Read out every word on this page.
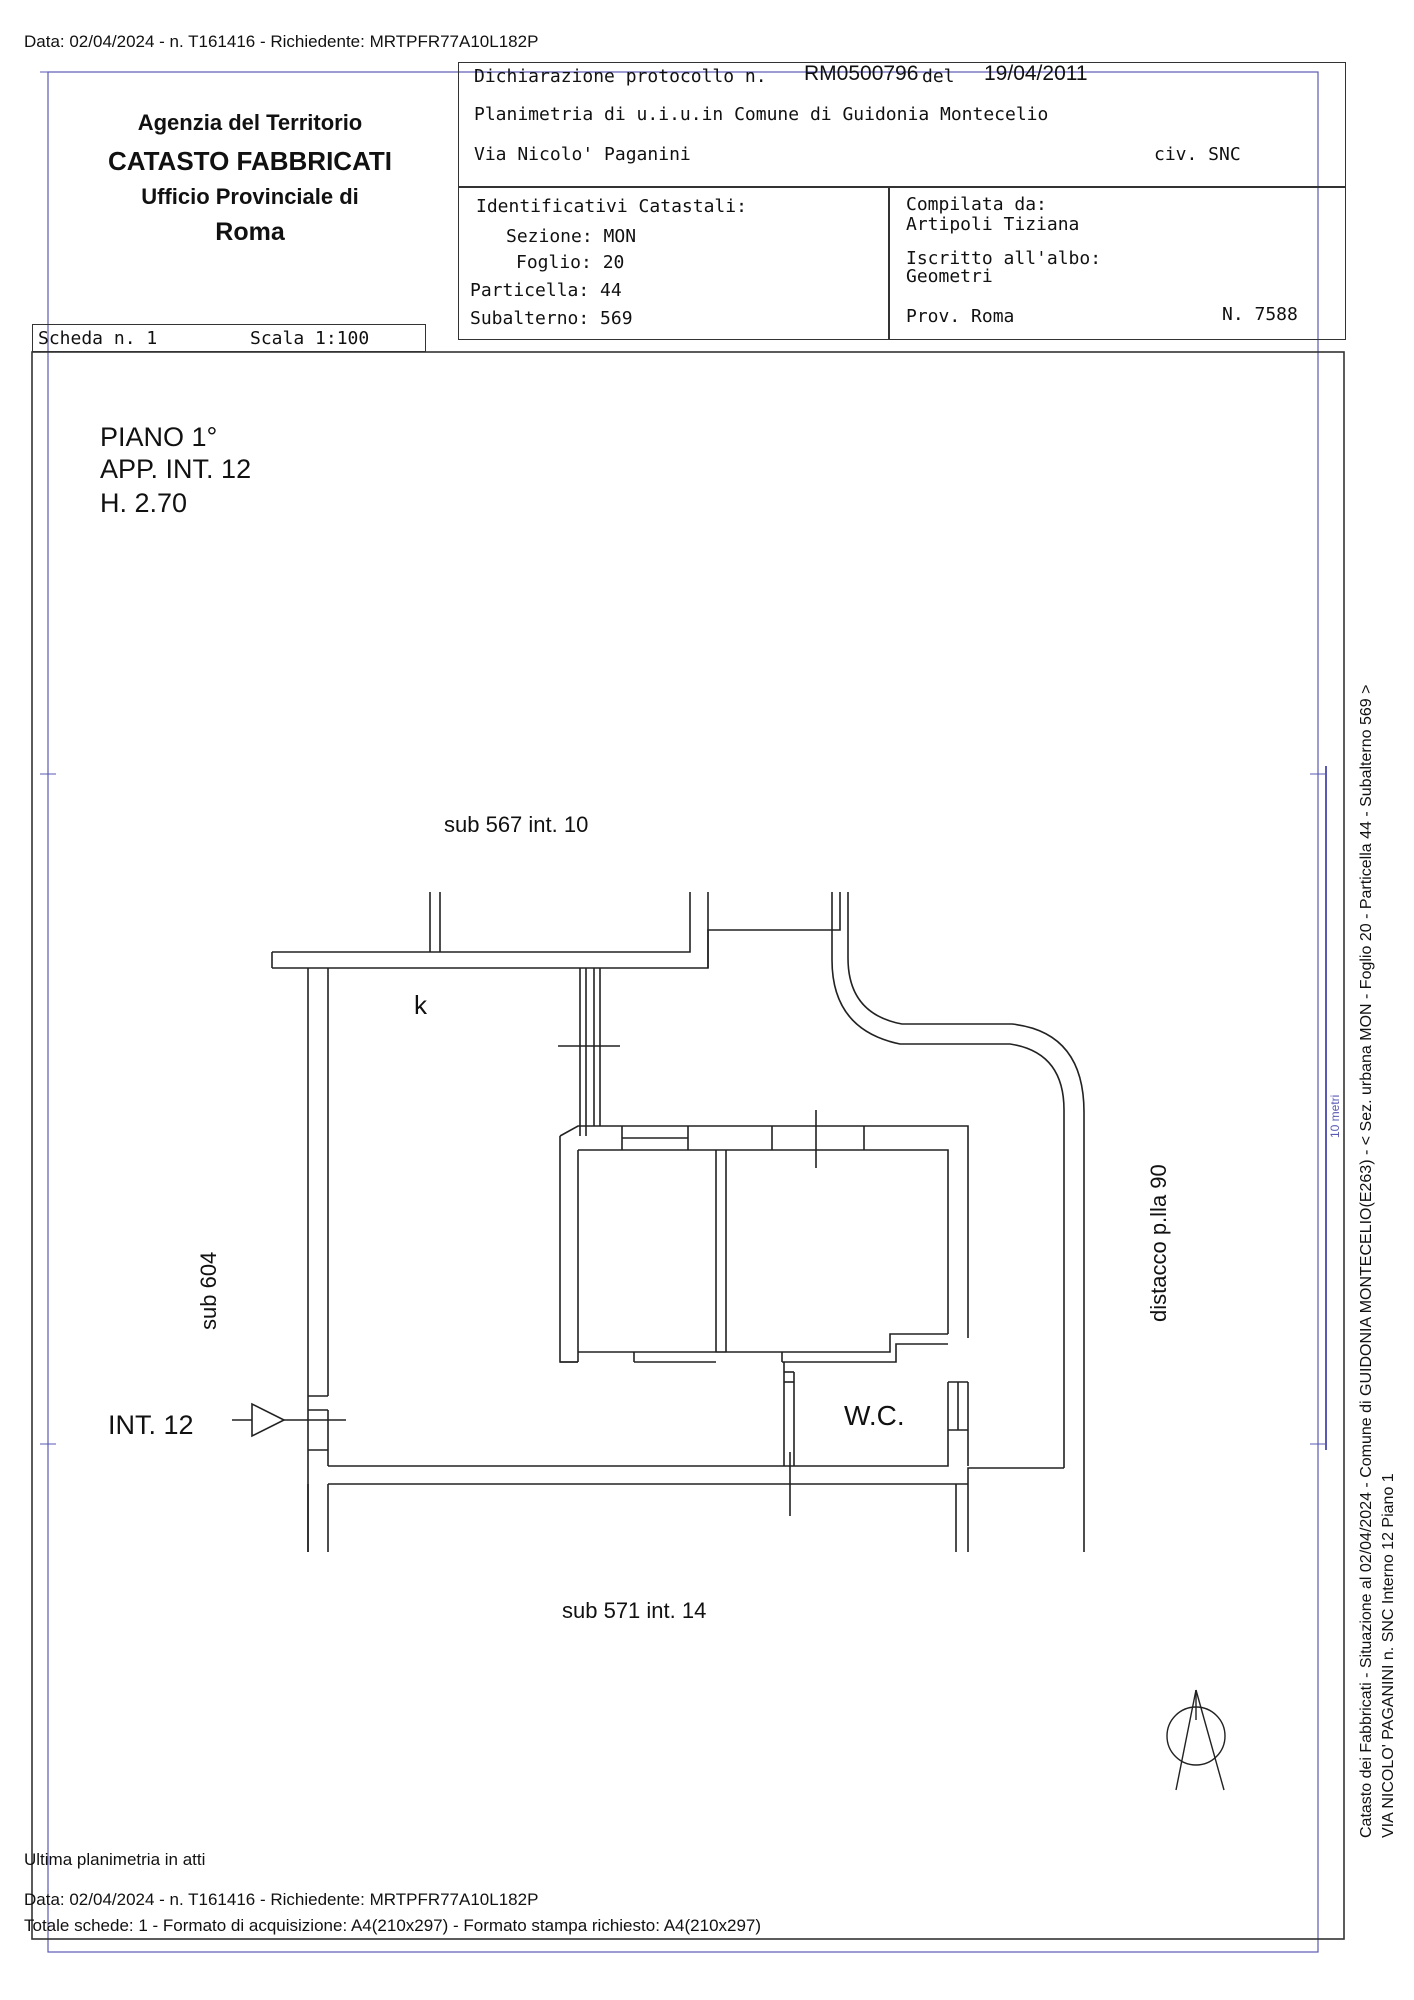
Data: 02/04/2024 - n. T161416 - Richiedente: MRTPFR77A10L182P
Agenzia del Territorio
CATASTO FABBRICATI
Ufficio Provinciale di
Roma
Dichiarazione protocollo n. RM0500796 del 19/04/2011
Planimetria di u.i.u.in Comune di Guidonia Montecelio
Via Nicolo' Paganini	civ. SNC
Identificativi Catastali:
Sezione: MON
Foglio: 20
Particella: 44
Subalterno: 569
Compilata da:
Artipoli Tiziana
Iscritto all'albo:
Geometri
Prov. Roma	N. 7588
Scheda n. 1	Scala 1:100
PIANO 1°
APP. INT. 12
H. 2.70
sub 567 int. 10
k
sub 604	distacco p.lla 90
W.C.
INT. 12
sub 571 int. 14	Catasto dei Fabbricati - Situazione al 02/04/2024 - Comune di GUIDONIA MONTECELIO(E263) - < Sez. urbana MON - Foglio 20 - Particella 44 - Subalterno 569 > VIA NICOLO' PAGANINI n. SNC Interno 12 Piano 1
10 metri
Ultima planimetria in atti
Data: 02/04/2024 - n. T161416 - Richiedente: MRTPFR77A10L182P
Totale schede: 1 - Formato di acquisizione: A4(210x297) - Formato stampa richiesto: A4(210x297)
